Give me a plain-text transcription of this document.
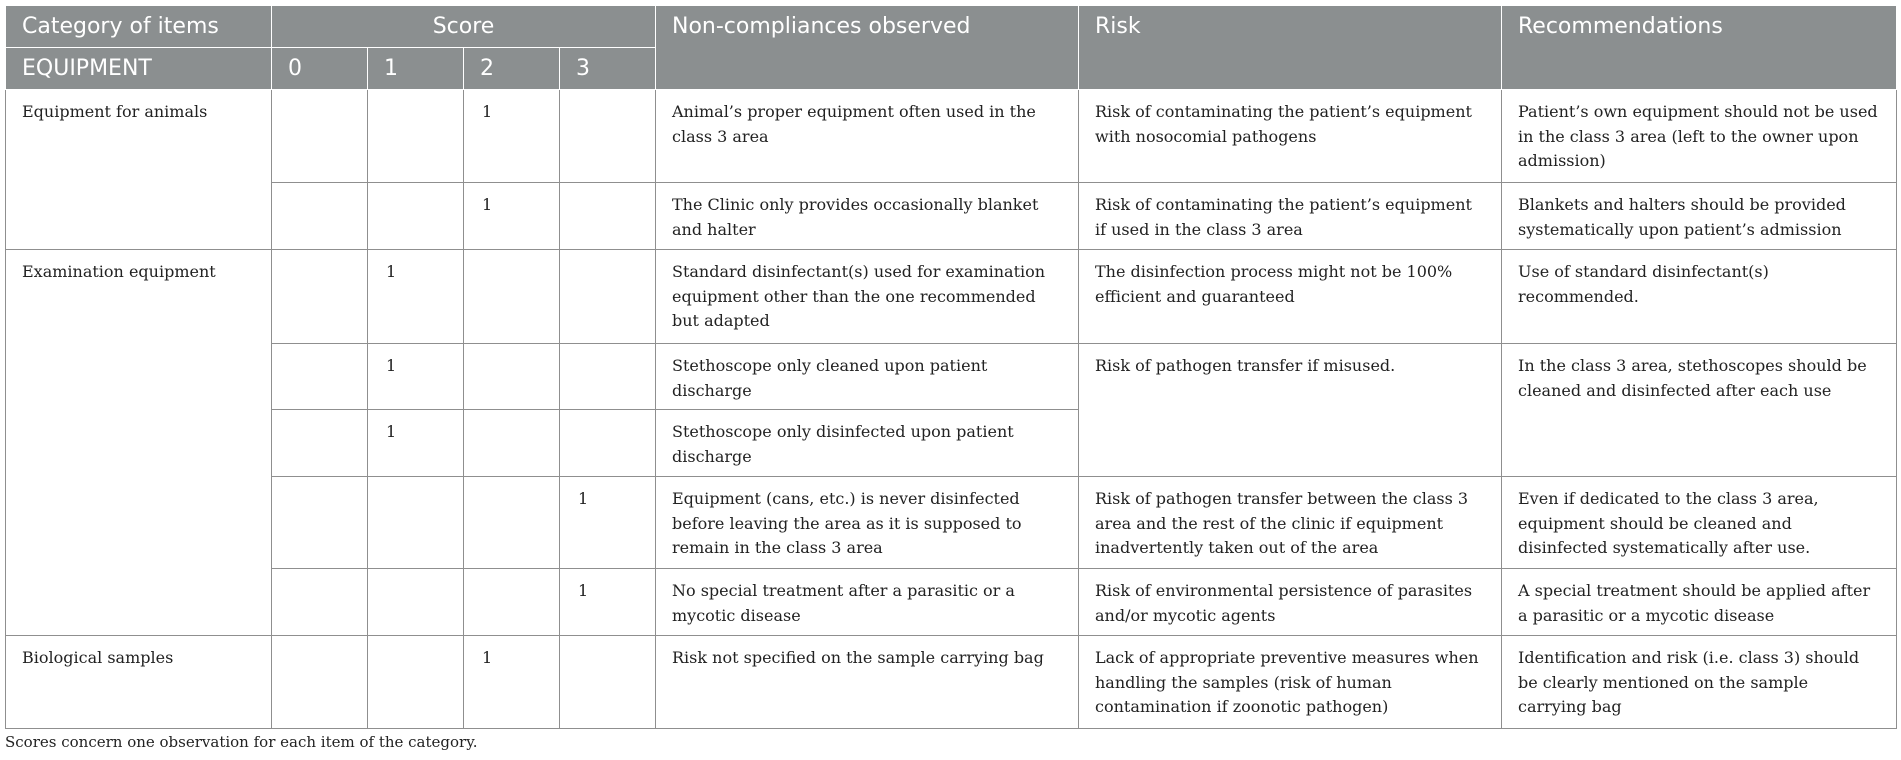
Category of items	Score				Non-compliances observed	Risk	Recommendations
EQUIPMENT	0	1	2	3			
Equipment for animals			1		Animal’s proper equipment often used in the class 3 area	Risk of contaminating the patient’s equipment with nosocomial pathogens	Patient’s own equipment should not be used in the class 3 area (left to the owner upon admission)
			1		The Clinic only provides occasionally blanket and halter	Risk of contaminating the patient’s equipment if used in the class 3 area	Blankets and halters should be provided systematically upon patient’s admission
Examination equipment		1			Standard disinfectant(s) used for examination equipment other than the one recommended but adapted	The disinfection process might not be 100% efficient and guaranteed	Use of standard disinfectant(s) recommended.
		1			Stethoscope only cleaned upon patient discharge	Risk of pathogen transfer if misused.	In the class 3 area, stethoscopes should be cleaned and disinfected after each use
		1			Stethoscope only disinfected upon patient discharge		
				1	Equipment (cans, etc.) is never disinfected before leaving the area as it is supposed to remain in the class 3 area	Risk of pathogen transfer between the class 3 area and the rest of the clinic if equipment inadvertently taken out of the area	Even if dedicated to the class 3 area, equipment should be cleaned and disinfected systematically after use.
				1	No special treatment after a parasitic or a mycotic disease	Risk of environmental persistence of parasites and/or mycotic agents	A special treatment should be applied after a parasitic or a mycotic disease
Biological samples			1		Risk not specified on the sample carrying bag	Lack of appropriate preventive measures when handling the samples (risk of human contamination if zoonotic pathogen)	Identification and risk (i.e. class 3) should be clearly mentioned on the sample carrying bag
Scores concern one observation for each item of the category.
